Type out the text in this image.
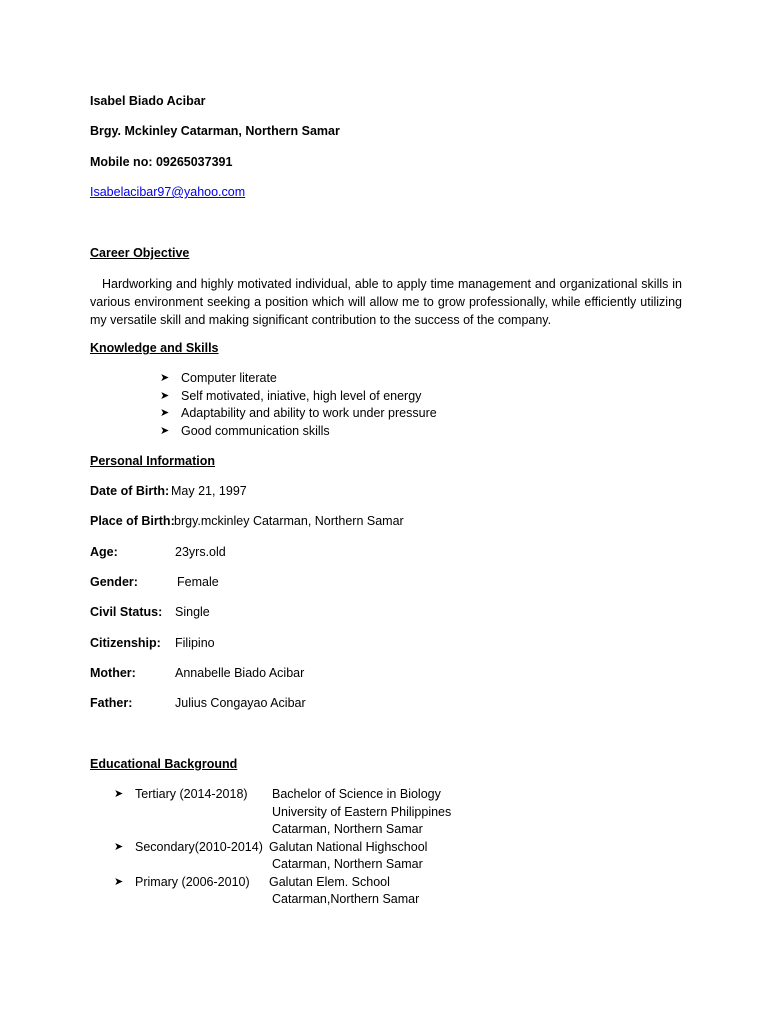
Isabel Biado Acibar
Brgy. Mckinley Catarman, Northern Samar
Mobile no: 09265037391
Isabelacibar97@yahoo.com
Career Objective
Hardworking and highly motivated individual, able to apply time management and organizational skills in various environment seeking a position which will allow me to grow professionally, while efficiently utilizing my versatile skill and making significant contribution to the success of the company.
Knowledge and Skills
➤ Computer literate
➤ Self motivated, iniative, high level of energy
➤ Adaptability and ability to work under pressure
➤ Good communication skills
Personal Information
Date of Birth: May 21, 1997
Place of Birth: brgy.mckinley Catarman, Northern Samar
Age:	23yrs.old
Gender:	Female
Civil Status: Single
Citizenship: Filipino
Mother:	Annabelle Biado Acibar
Father:	Julius Congayao Acibar
Educational Background
➤ Tertiary (2014-2018) Bachelor of Science in Biology
University of Eastern Philippines
Catarman, Northern Samar
➤ Secondary(2010-2014) Galutan National Highschool
Catarman, Northern Samar
➤ Primary (2006-2010) Galutan Elem. School
Catarman,Northern Samar
